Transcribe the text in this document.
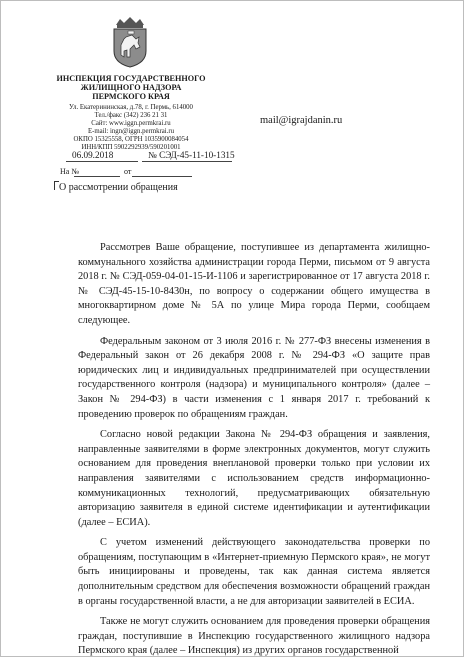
ИНСПЕКЦИЯ ГОСУДАРСТВЕННОГО
ЖИЛИЩНОГО НАДЗОРА
ПЕРМСКОГО КРАЯ
Ул. Екатерининская, д.78, г. Пермь, 614000
Тел./факс (342) 236 21 31
Сайт: www.iggn.permkrai.ru
E-mail: ingn@iggn.permkrai.ru
ОКПО 15325558, ОГРН 1035900084054
ИНН/КПП 5902292939/590201001
mail@igrajdanin.ru
06.09.2018	№ СЭД-45-11-10-1315
На №	от
О рассмотрении обращения

Рассмотрев Ваше обращение, поступившее из департамента жилищно-коммунального хозяйства администрации города Перми, письмом от 9 августа 2018 г. № СЭД-059-04-01-15-И-1106 и зарегистрированное от 17 августа 2018 г. № СЭД-45-15-10-8430н, по вопросу о содержании общего имущества в многоквартирном доме № 5А по улице Мира города Перми, сообщаем следующее.

Федеральным законом от 3 июля 2016 г. № 277-ФЗ внесены изменения в Федеральный закон от 26 декабря 2008 г. № 294-ФЗ «О защите прав юридических лиц и индивидуальных предпринимателей при осуществлении государственного контроля (надзора) и муниципального контроля» (далее – Закон № 294-ФЗ) в части изменения с 1 января 2017 г. требований к проведению проверок по обращениям граждан.

Согласно новой редакции Закона № 294-ФЗ обращения и заявления, направленные заявителями в форме электронных документов, могут служить основанием для проведения внеплановой проверки только при условии их направления заявителями с использованием средств информационно-коммуникационных технологий, предусматривающих обязательную авторизацию заявителя в единой системе идентификации и аутентификации (далее – ЕСИА).

С учетом изменений действующего законодательства проверки по обращениям, поступающим в «Интернет-приемную Пермского края», не могут быть инициированы и проведены, так как данная система является дополнительным средством для обеспечения возможности обращений граждан в органы государственной власти, а не для авторизации заявителей в ЕСИА.

Также не могут служить основанием для проведения проверки обращения граждан, поступившие в Инспекцию государственного жилищного надзора Пермского края (далее – Инспекция) из других органов государственной
